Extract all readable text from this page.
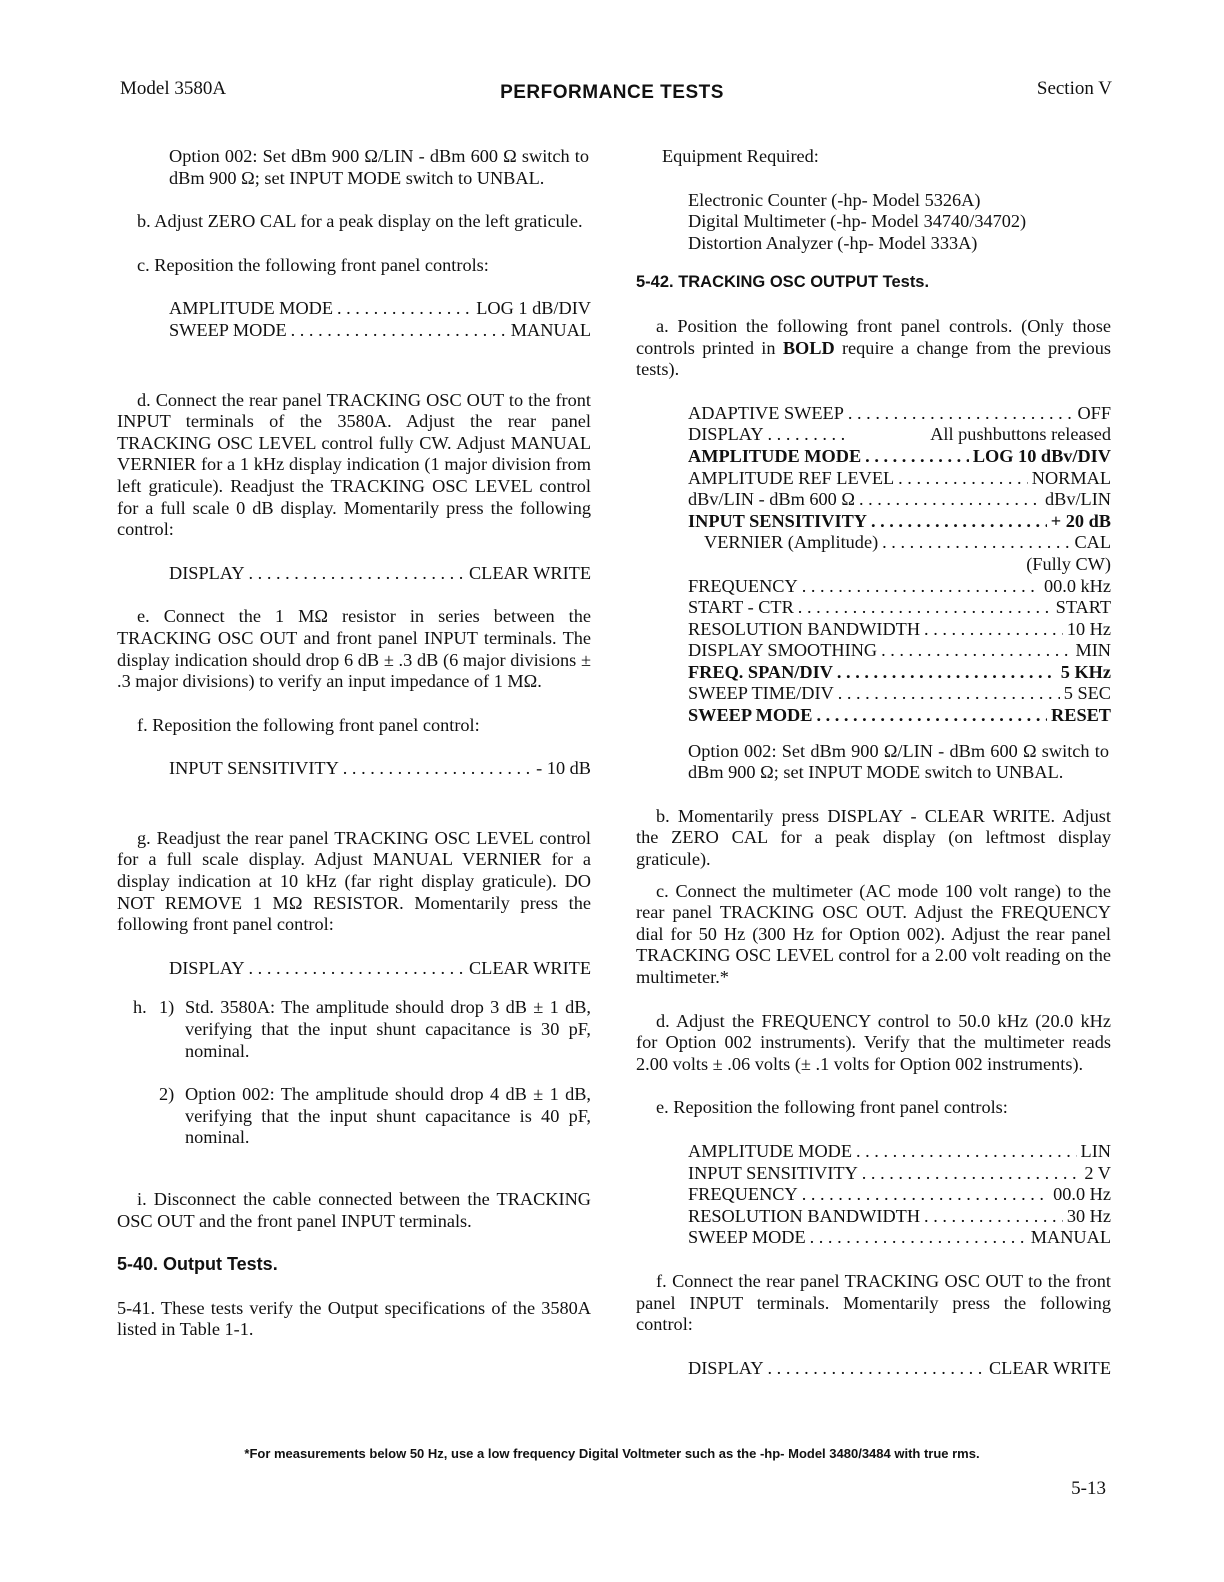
Model 3580A	PERFORMANCE TESTS	Section V

Option 002: Set dBm 900 Ω/LIN - dBm 600 Ω switch to dBm 900 Ω; set INPUT MODE switch to UNBAL.

b. Adjust ZERO CAL for a peak display on the left graticule.

c. Reposition the following front panel controls:

AMPLITUDE MODE . . .	LOG 1 dB/DIV
SWEEP MODE . . .	MANUAL

d. Connect the rear panel TRACKING OSC OUT to the front INPUT terminals of the 3580A. Adjust the rear panel TRACKING OSC LEVEL control fully CW. Adjust MANUAL VERNIER for a 1 kHz display indication (1 major division from left graticule). Readjust the TRACKING OSC LEVEL control for a full scale 0 dB display. Momentarily press the following control:

DISPLAY . . .	CLEAR WRITE

e. Connect the 1 MΩ resistor in series between the TRACKING OSC OUT and front panel INPUT terminals. The display indication should drop 6 dB ± .3 dB (6 major divisions ± .3 major divisions) to verify an input impedance of 1 MΩ.

f. Reposition the following front panel control:

INPUT SENSITIVITY . . .	- 10 dB

g. Readjust the rear panel TRACKING OSC LEVEL control for a full scale display. Adjust MANUAL VERNIER for a display indication at 10 kHz (far right display graticule). DO NOT REMOVE 1 MΩ RESISTOR. Momentarily press the following front panel control:

DISPLAY . . .	CLEAR WRITE
h. 1) Std. 3580A: The amplitude should drop 3 dB ± 1 dB, verifying that the input shunt capacitance is 30 pF, nominal.
2) Option 002: The amplitude should drop 4 dB ± 1 dB, verifying that the input shunt capacitance is 40 pF, nominal.

i. Disconnect the cable connected between the TRACKING OSC OUT and the front panel INPUT terminals.

5-40. Output Tests.

5-41. These tests verify the Output specifications of the 3580A listed in Table 1-1.

Equipment Required:

Electronic Counter (-hp- Model 5326A)
Digital Multimeter (-hp- Model 34740/34702)
Distortion Analyzer (-hp- Model 333A)

5-42. TRACKING OSC OUTPUT Tests.

a. Position the following front panel controls. (Only those controls printed in BOLD require a change from the previous tests).

ADAPTIVE SWEEP . . .	OFF
DISPLAY . . .	All pushbuttons released
AMPLITUDE MODE . . .	LOG 10 dBv/DIV
AMPLITUDE REF LEVEL . . .	NORMAL
dBv/LIN - dBm 600 Ω . . .	dBv/LIN
INPUT SENSITIVITY . . .	+ 20 dB
VERNIER (Amplitude) . . .	CAL
(Fully CW)
FREQUENCY . . .	00.0 kHz
START - CTR . . .	START
RESOLUTION BANDWIDTH . . .	10 Hz
DISPLAY SMOOTHING . . .	MIN
FREQ. SPAN/DIV . . .	5 KHz
SWEEP TIME/DIV . . .	5 SEC
SWEEP MODE . . .	RESET

Option 002: Set dBm 900 Ω/LIN - dBm 600 Ω switch to dBm 900 Ω; set INPUT MODE switch to UNBAL.

b. Momentarily press DISPLAY - CLEAR WRITE. Adjust the ZERO CAL for a peak display (on leftmost display graticule).

c. Connect the multimeter (AC mode 100 volt range) to the rear panel TRACKING OSC OUT. Adjust the FREQUENCY dial for 50 Hz (300 Hz for Option 002). Adjust the rear panel TRACKING OSC LEVEL control for a 2.00 volt reading on the multimeter.*

d. Adjust the FREQUENCY control to 50.0 kHz (20.0 kHz for Option 002 instruments). Verify that the multimeter reads 2.00 volts ± .06 volts (± .1 volts for Option 002 instruments).

e. Reposition the following front panel controls:

AMPLITUDE MODE . . .	LIN
INPUT SENSITIVITY . . .	2 V
FREQUENCY . . .	00.0 Hz
RESOLUTION BANDWIDTH . . .	30 Hz
SWEEP MODE . . .	MANUAL

f. Connect the rear panel TRACKING OSC OUT to the front panel INPUT terminals. Momentarily press the following control:

DISPLAY . . .	CLEAR WRITE
*For measurements below 50 Hz, use a low frequency Digital Voltmeter such as the -hp- Model 3480/3484 with true rms.
5-13
